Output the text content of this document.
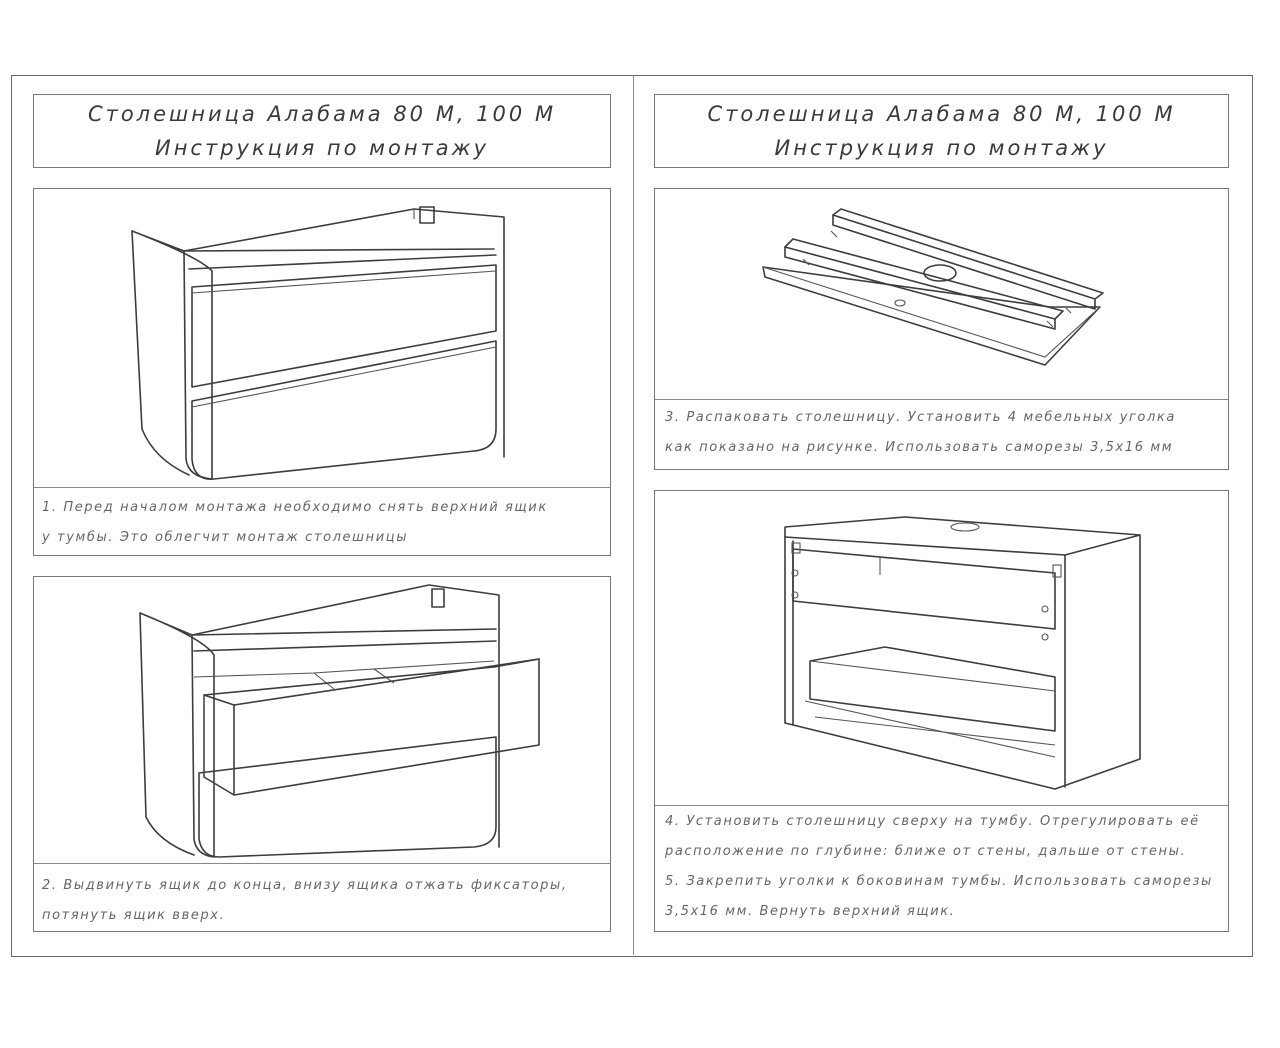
Столешница Алабама 80 М, 100 М
Инструкция по монтажу
Столешница Алабама 80 М, 100 М
Инструкция по монтажу

1. Перед началом монтажа необходимо снять верхний ящик

у тумбы. Это облегчит монтаж столешницы

2. Выдвинуть ящик до конца, внизу ящика отжать фиксаторы,

потянуть ящик вверх.

3. Распаковать столешницу. Установить 4 мебельных уголка

как показано на рисунке. Использовать саморезы 3,5х16 мм

4. Установить столешницу сверху на тумбу. Отрегулировать её

расположение по глубине: ближе от стены, дальше от стены.

5. Закрепить уголки к боковинам тумбы. Использовать саморезы

3,5х16 мм. Вернуть верхний ящик.
